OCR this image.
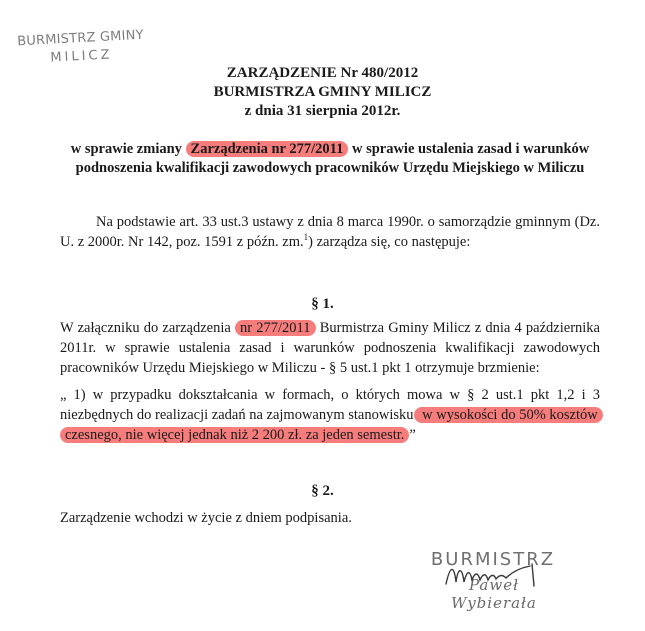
BURMISTRZ GMINY
MILICZ
ZARZĄDZENIE Nr 480/2012
BURMISTRZA GMINY MILICZ
z dnia 31 sierpnia 2012r.
w sprawie zmiany Zarządzenia nr 277/2011 w sprawie ustalenia zasad i warunków podnoszenia kwalifikacji zawodowych pracowników Urzędu Miejskiego w Miliczu
Na podstawie art. 33 ust.3 ustawy z dnia 8 marca 1990r. o samorządzie gminnym (Dz. U. z 2000r. Nr 142, poz. 1591 z późn. zm.$^1$) zarządza się, co następuje:
§ 1.
W załączniku do zarządzenia nr 277/2011 Burmistrza Gminy Milicz z dnia 4 października 2011r. w sprawie ustalenia zasad i warunków podnoszenia kwalifikacji zawodowych pracowników Urzędu Miejskiego w Miliczu - § 5 ust.1 pkt 1 otrzymuje brzmienie:
„ 1) w przypadku dokształcania w formach, o których mowa w § 2 ust.1 pkt 1,2 i 3 niezbędnych do realizacji zadań na zajmowanym stanowisku w wysokości do 50% kosztów czesnego, nie więcej jednak niż 2 200 zł. za jeden semestr. ”
§ 2.
Zarządzenie wchodzi w życie z dniem podpisania.
BURMISTRZ
Paweł Wybierała
